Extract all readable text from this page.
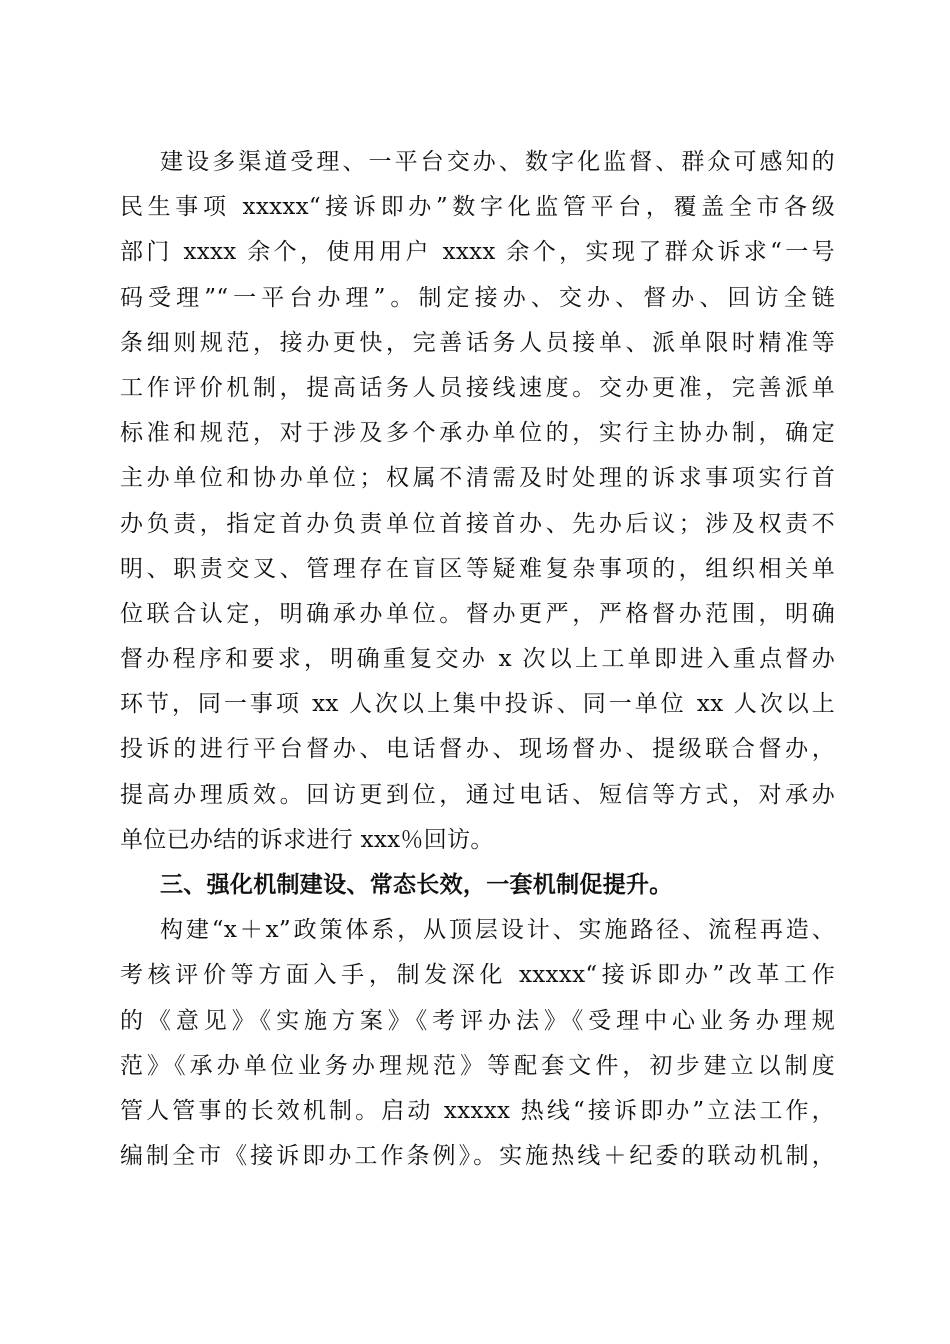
建设多渠道受理、一平台交办、数字化监督、群众可感知的
民生事项 xxxxx“接诉即办”数字化监管平台，覆盖全市各级
部门 xxxx 余个，使用用户 xxxx 余个，实现了群众诉求“一号
码受理”“一平台办理”。制定接办、交办、督办、回访全链
条细则规范，接办更快，完善话务人员接单、派单限时精准等
工作评价机制，提高话务人员接线速度。交办更准，完善派单
标准和规范，对于涉及多个承办单位的，实行主协办制，确定
主办单位和协办单位；权属不清需及时处理的诉求事项实行首
办负责，指定首办负责单位首接首办、先办后议；涉及权责不
明、职责交叉、管理存在盲区等疑难复杂事项的，组织相关单
位联合认定，明确承办单位。督办更严，严格督办范围，明确
督办程序和要求，明确重复交办 x 次以上工单即进入重点督办
环节，同一事项 xx 人次以上集中投诉、同一单位 xx 人次以上
投诉的进行平台督办、电话督办、现场督办、提级联合督办，
提高办理质效。回访更到位，通过电话、短信等方式，对承办
单位已办结的诉求进行 xxx％回访。
三、强化机制建设、常态长效，一套机制促提升。
构建“x＋x”政策体系，从顶层设计、实施路径、流程再造、
考核评价等方面入手，制发深化 xxxxx“接诉即办”改革工作
的《意见》《实施方案》《考评办法》《受理中心业务办理规
范》《承办单位业务办理规范》等配套文件，初步建立以制度
管人管事的长效机制。启动 xxxxx 热线“接诉即办”立法工作，
编制全市《接诉即办工作条例》。实施热线＋纪委的联动机制，
